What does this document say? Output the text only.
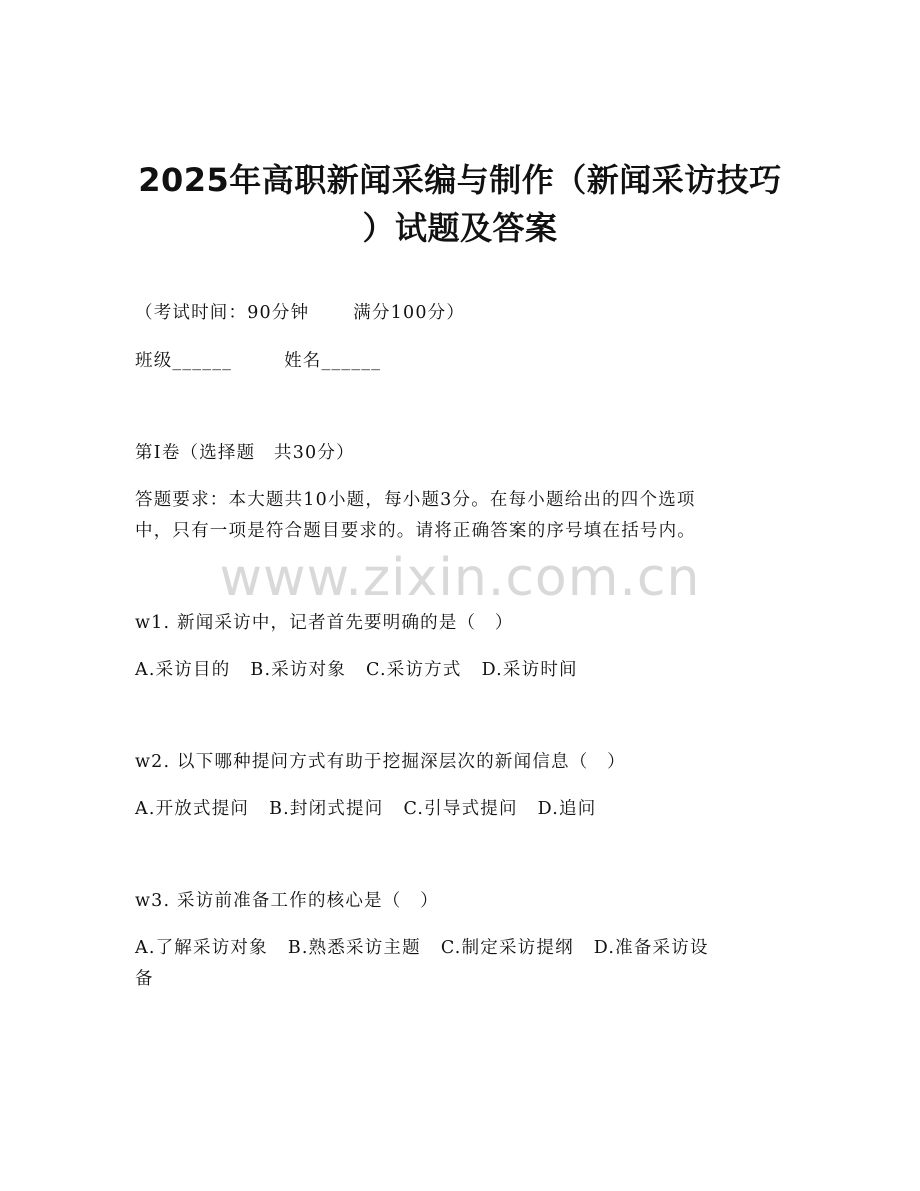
2025年高职新闻采编与制作（新闻采访技巧
）试题及答案
（考试时间：90分钟	满分100分）
班级______	姓名______
第I卷（选择题　共30分）
答题要求：本大题共10小题，每小题3分。在每小题给出的四个选项
中，只有一项是符合题目要求的。请将正确答案的序号填在括号内。
www.zixin.com.cn
w1. 新闻采访中，记者首先要明确的是（　）
A.采访目的 B.采访对象 C.采访方式 D.采访时间
w2. 以下哪种提问方式有助于挖掘深层次的新闻信息（　）
A.开放式提问 B.封闭式提问 C.引导式提问 D.追问
w3. 采访前准备工作的核心是（　）
A.了解采访对象 B.熟悉采访主题 C.制定采访提纲 D.准备采访设
备
